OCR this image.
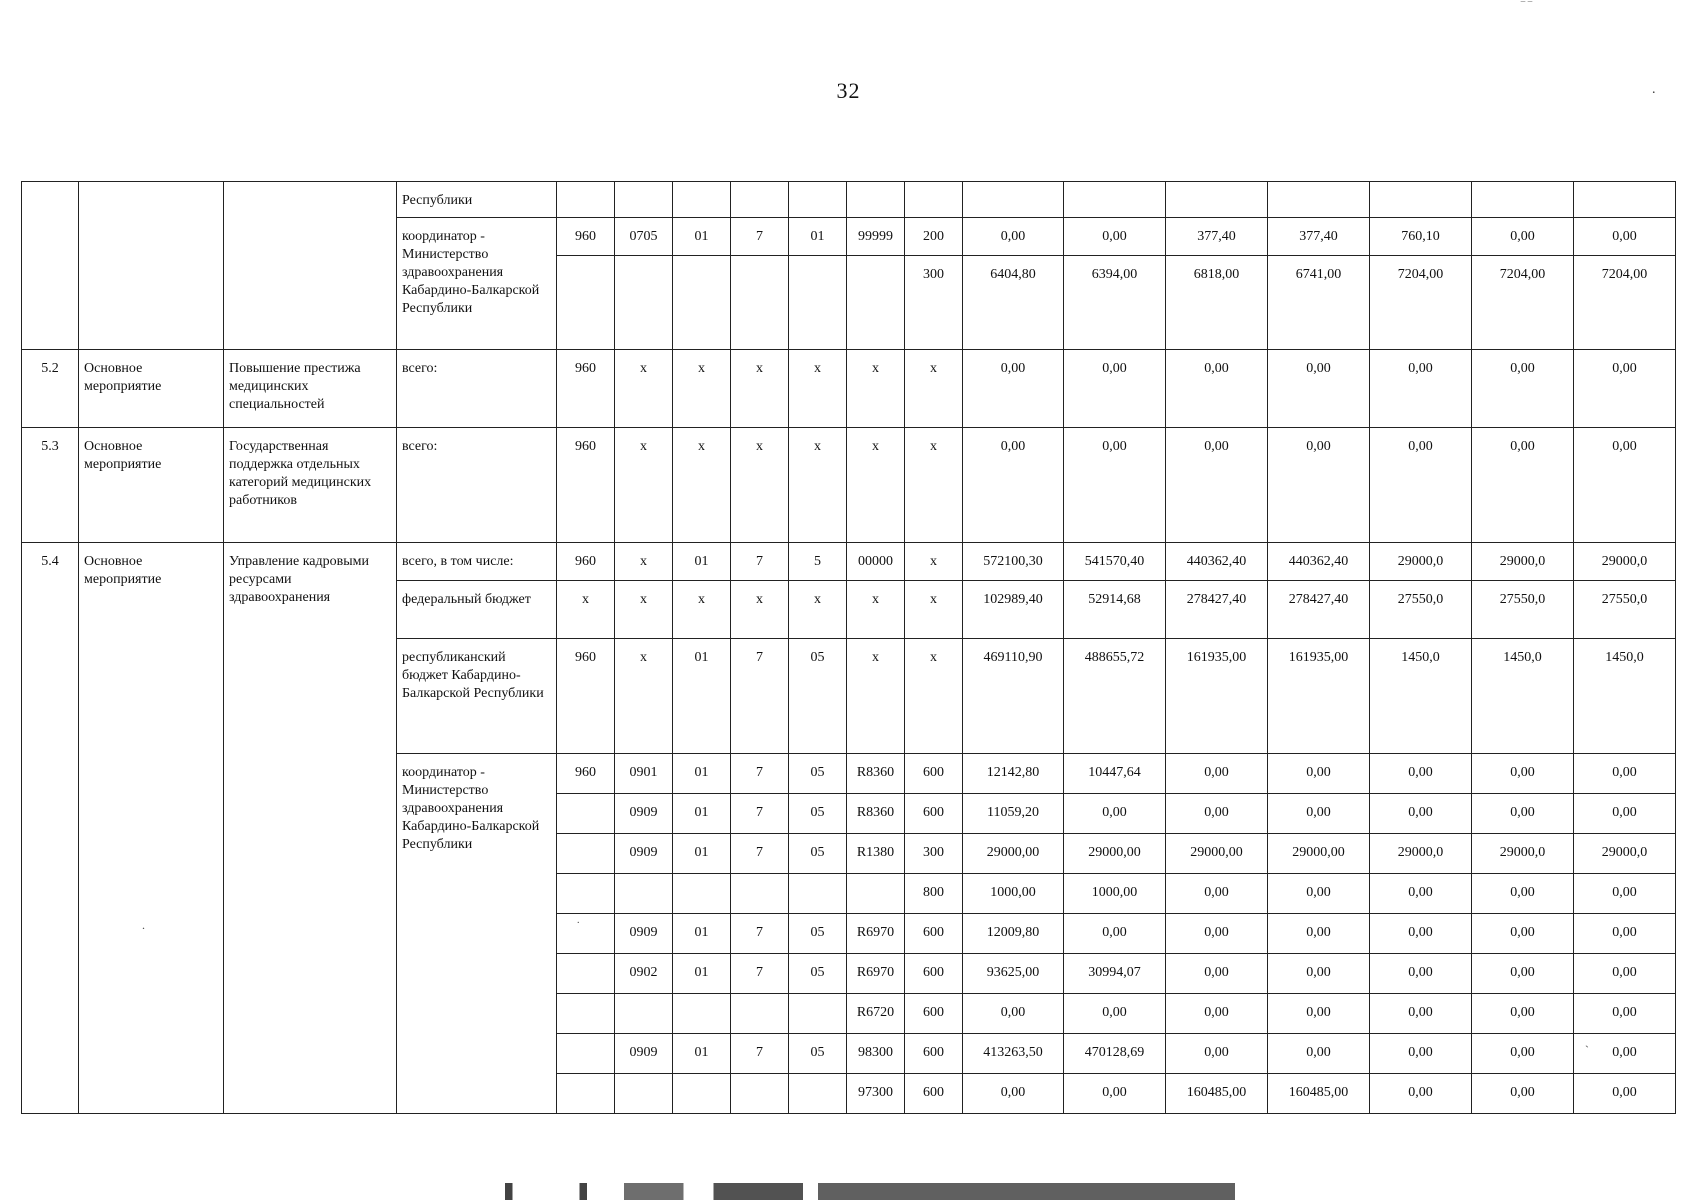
32
‾ ‾
.
.
ˎ
.
			Республики														
			координатор - Министерство здравоохранения Кабардино-Балкарской Республики	960	0705	01	7	01	99999	200	0,00	0,00	377,40	377,40	760,10	0,00	0,00
										300	6404,80	6394,00	6818,00	6741,00	7204,00	7204,00	7204,00
5.2	Основное мероприятие	Повышение престижа медицинских специальностей	всего:	960	x	x	x	x	x	x	0,00	0,00	0,00	0,00	0,00	0,00	0,00
5.3	Основное мероприятие	Государственная поддержка отдельных категорий медицинских работников	всего:	960	x	x	x	x	x	x	0,00	0,00	0,00	0,00	0,00	0,00	0,00
5.4	Основное мероприятие	Управление кадровыми ресурсами здравоохранения	всего, в том числе:	960	x	01	7	5	00000	x	572100,30	541570,40	440362,40	440362,40	29000,0	29000,0	29000,0
			федеральный бюджет	x	x	x	x	x	x	x	102989,40	52914,68	278427,40	278427,40	27550,0	27550,0	27550,0
			республиканский бюджет Кабардино-Балкарской Республики	960	x	01	7	05	x	x	469110,90	488655,72	161935,00	161935,00	1450,0	1450,0	1450,0
			координатор - Министерство здравоохранения Кабардино-Балкарской Республики	960	0901	01	7	05	R8360	600	12142,80	10447,64	0,00	0,00	0,00	0,00	0,00
					0909	01	7	05	R8360	600	11059,20	0,00	0,00	0,00	0,00	0,00	0,00
					0909	01	7	05	R1380	300	29000,00	29000,00	29000,00	29000,00	29000,0	29000,0	29000,0
										800	1000,00	1000,00	0,00	0,00	0,00	0,00	0,00
					0909	01	7	05	R6970	600	12009,80	0,00	0,00	0,00	0,00	0,00	0,00
					0902	01	7	05	R6970	600	93625,00	30994,07	0,00	0,00	0,00	0,00	0,00
									R6720	600	0,00	0,00	0,00	0,00	0,00	0,00	0,00
					0909	01	7	05	98300	600	413263,50	470128,69	0,00	0,00	0,00	0,00	0,00
									97300	600	0,00	0,00	160485,00	160485,00	0,00	0,00	0,00
